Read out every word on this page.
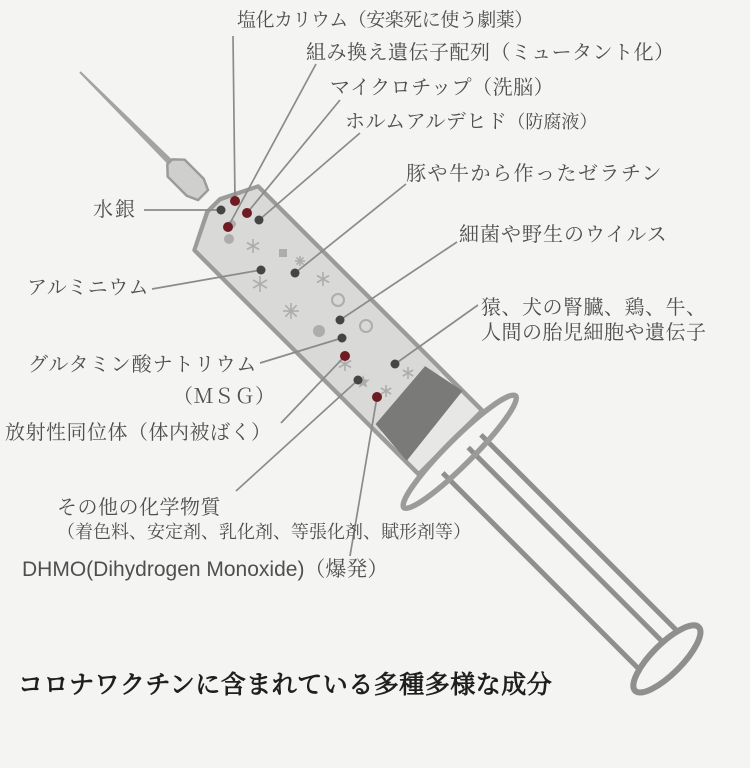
塩化カリウム（安楽死に使う劇薬）
組み換え遺伝子配列（ミュータント化）
マイクロチップ（洗脳）
ホルムアルデヒド（防腐液）
豚や牛から作ったゼラチン
細菌や野生のウイルス
猿、犬の腎臓、鶏、牛、
人間の胎児細胞や遺伝子
水銀
アルミニウム
グルタミン酸ナトリウム
（ＭＳＧ）
放射性同位体（体内被ばく）
その他の化学物質
（着色料、安定剤、乳化剤、等張化剤、賦形剤等）
DHMO(Dihydrogen Monoxide)（爆発）
コロナワクチンに含まれている多種多様な成分
